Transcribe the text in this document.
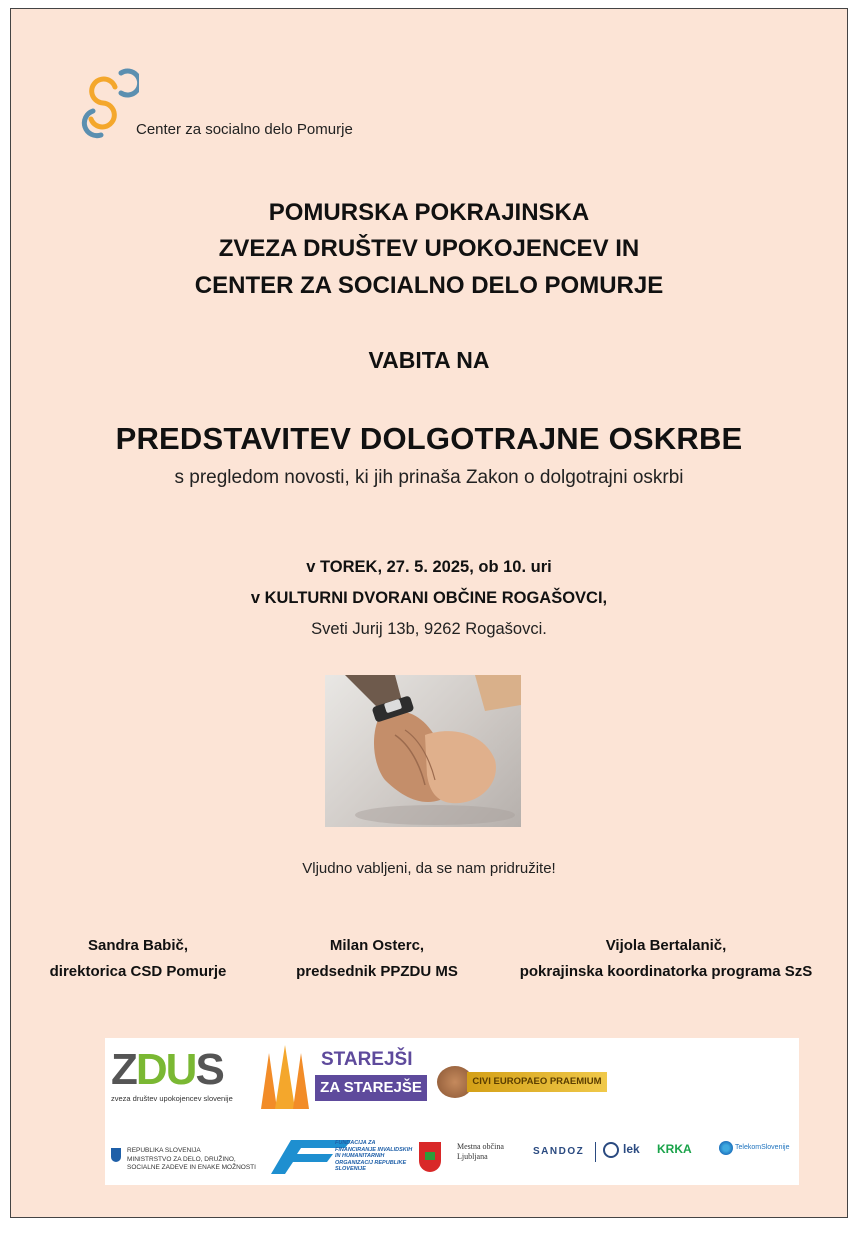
Center za socialno delo Pomurje
POMURSKA POKRAJINSKA
ZVEZA DRUŠTEV UPOKOJENCEV IN
CENTER ZA SOCIALNO DELO POMURJE
VABITA NA
PREDSTAVITEV DOLGOTRAJNE OSKRBE
s pregledom novosti, ki jih prinaša Zakon o dolgotrajni oskrbi
v TOREK, 27. 5. 2025, ob 10. uri
v KULTURNI DVORANI OBČINE ROGAŠOVCI,
Sveti Jurij 13b, 9262 Rogašovci.
Vljudno vabljeni, da se nam pridružite!
Sandra Babič,
direktorica CSD Pomurje
Milan Osterc,
predsednik PPZDU MS
Vijola Bertalanič,
pokrajinska koordinatorka programa SzS
ZDUS
zveza društev upokojencev slovenije
STAREJŠI
ZA STAREJŠE	CIVI EUROPAEO PRAEMIUM
REPUBLIKA SLOVENIJA
MINISTRSTVO ZA DELO, DRUŽINO,
SOCIALNE ZADEVE IN ENAKE MOŽNOSTI
FUNDACIJA ZA FINANCIRANJE INVALIDSKIH IN HUMANITARNIH ORGANIZACIJ REPUBLIKE SLOVENIJE
Mestna občina
Ljubljana	SANDOZ	lek KRKA	TelekomSlovenije
